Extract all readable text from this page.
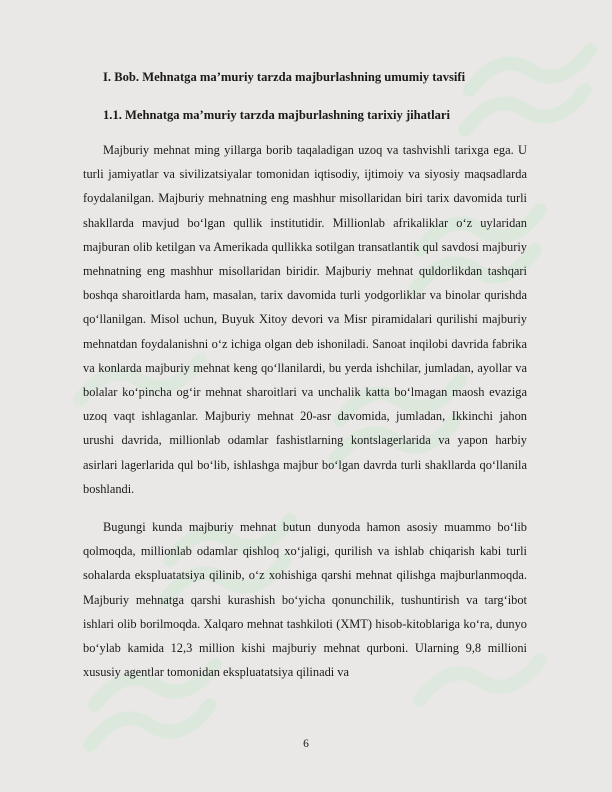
I. Bob. Mehnatga maʼmuriy tarzda majburlashning umumiy tavsifi
1.1. Mehnatga maʼmuriy tarzda majburlashning tarixiy jihatlari

Majburiy mehnat ming yillarga borib taqaladigan uzoq va tashvishli tarixga ega. U turli jamiyatlar va sivilizatsiyalar tomonidan iqtisodiy, ijtimoiy va siyosiy maqsadlarda foydalanilgan. Majburiy mehnatning eng mashhur misollaridan biri tarix davomida turli shakllarda mavjud boʻlgan qullik institutidir. Millionlab afrikaliklar oʻz uylaridan majburan olib ketilgan va Amerikada qullikka sotilgan transatlantik qul savdosi majburiy mehnatning eng mashhur misollaridan biridir. Majburiy mehnat quldorlikdan tashqari boshqa sharoitlarda ham, masalan, tarix davomida turli yodgorliklar va binolar qurishda qoʻllanilgan. Misol uchun, Buyuk Xitoy devori va Misr piramidalari qurilishi majburiy mehnatdan foydalanishni oʻz ichiga olgan deb ishoniladi. Sanoat inqilobi davrida fabrika va konlarda majburiy mehnat keng qoʻllanilardi, bu yerda ishchilar, jumladan, ayollar va bolalar koʻpincha ogʻir mehnat sharoitlari va unchalik katta boʻlmagan maosh evaziga uzoq vaqt ishlaganlar. Majburiy mehnat 20-asr davomida, jumladan, Ikkinchi jahon urushi davrida, millionlab odamlar fashistlarning kontslagerlarida va yapon harbiy asirlari lagerlarida qul boʻlib, ishlashga majbur boʻlgan davrda turli shakllarda qoʻllanila boshlandi.

Bugungi kunda majburiy mehnat butun dunyoda hamon asosiy muammo boʻlib qolmoqda, millionlab odamlar qishloq xoʻjaligi, qurilish va ishlab chiqarish kabi turli sohalarda ekspluatatsiya qilinib, oʻz xohishiga qarshi mehnat qilishga majburlanmoqda. Majburiy mehnatga qarshi kurashish boʻyicha qonunchilik, tushuntirish va targʻibot ishlari olib borilmoqda. Xalqaro mehnat tashkiloti (XMT) hisob-kitoblariga koʻra, dunyo boʻylab kamida 12,3 million kishi majburiy mehnat qurboni. Ularning 9,8 millioni xususiy agentlar tomonidan ekspluatatsiya qilinadi va

6
